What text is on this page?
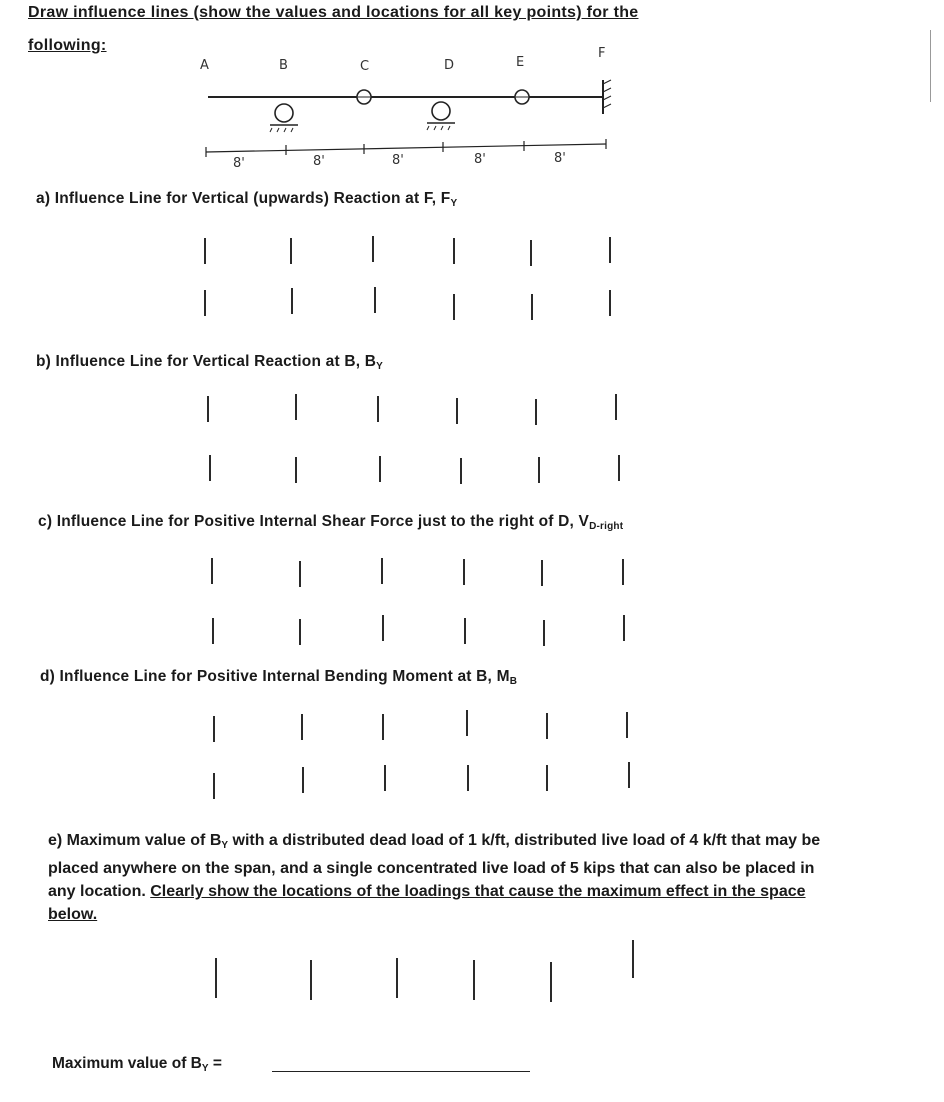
Draw influence lines (show the values and locations for all key points) for the
following:
A	B	C	D	E
F
8'	8'	8'	8'	8'
a) Influence Line for Vertical (upwards) Reaction at F, $F_Y$
b) Influence Line for Vertical Reaction at B, $B_Y$
c) Influence Line for Positive Internal Shear Force just to the right of D, $V_{D-right}$
d) Influence Line for Positive Internal Bending Moment at B, $M_B$
e) Maximum value of $B_Y$ with a distributed dead load of 1 k/ft, distributed live load of 4 k/ft that may be placed anywhere on the span, and a single concentrated live load of 5 kips that can also be placed in any location. Clearly show the locations of the loadings that cause the maximum effect in the space below.
Maximum value of $B_Y$ =
